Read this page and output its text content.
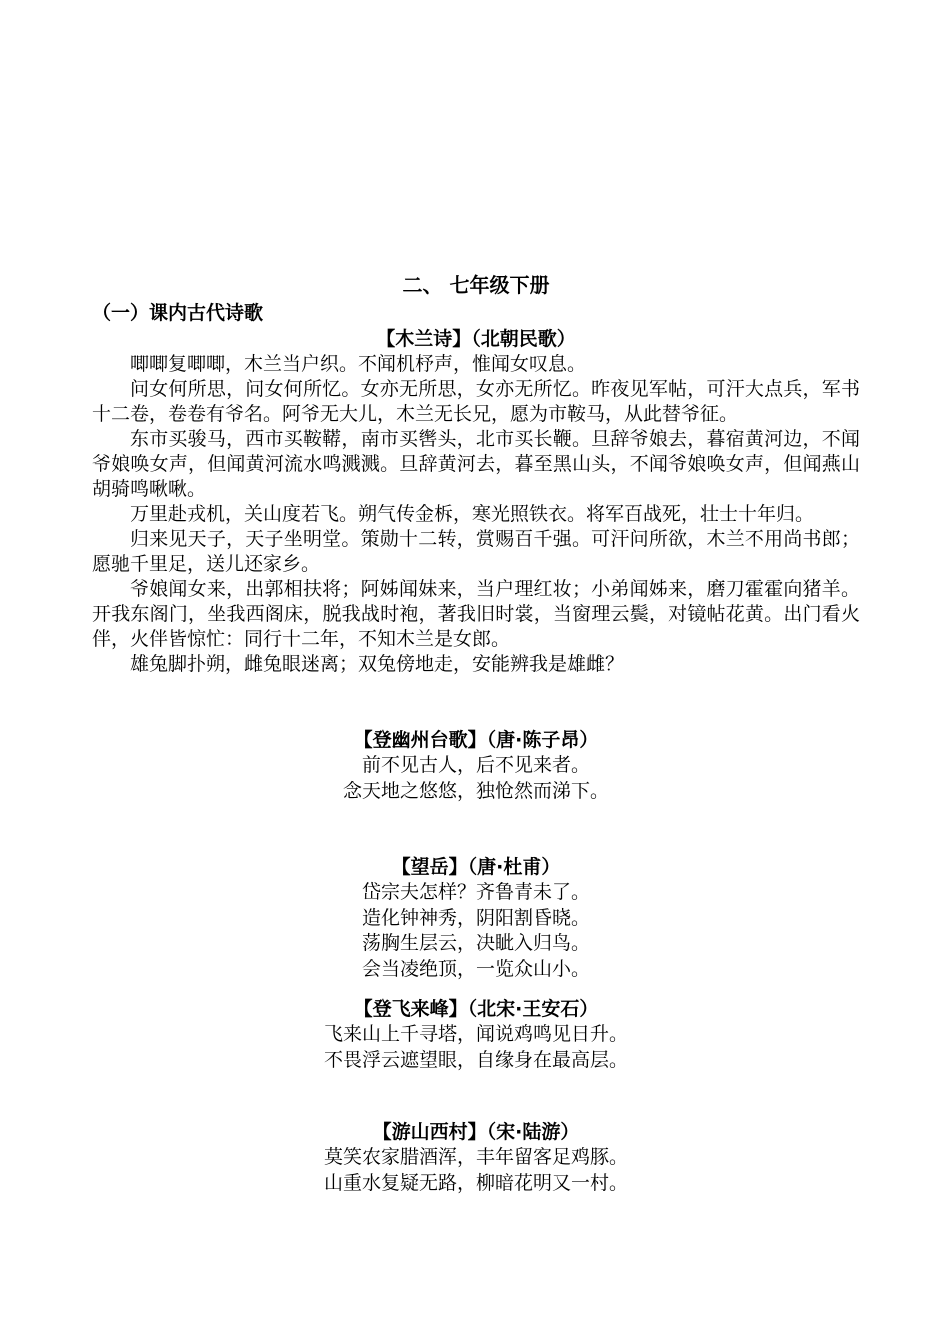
二、 七年级下册
（一）课内古代诗歌
【木兰诗】（北朝民歌）

唧唧复唧唧，木兰当户织。不闻机杼声，惟闻女叹息。

问女何所思，问女何所忆。女亦无所思，女亦无所忆。昨夜见军帖，可汗大点兵，军书十二卷，卷卷有爷名。阿爷无大儿，木兰无长兄，愿为市鞍马，从此替爷征。

东市买骏马，西市买鞍鞯，南市买辔头，北市买长鞭。旦辞爷娘去，暮宿黄河边，不闻爷娘唤女声，但闻黄河流水鸣溅溅。旦辞黄河去，暮至黑山头，不闻爷娘唤女声，但闻燕山胡骑鸣啾啾。

万里赴戎机，关山度若飞。朔气传金柝，寒光照铁衣。将军百战死，壮士十年归。

归来见天子，天子坐明堂。策勋十二转，赏赐百千强。可汗问所欲，木兰不用尚书郎；愿驰千里足，送儿还家乡。

爷娘闻女来，出郭相扶将；阿姊闻妹来，当户理红妆；小弟闻姊来，磨刀霍霍向猪羊。开我东阁门，坐我西阁床，脱我战时袍，著我旧时裳，当窗理云鬓，对镜帖花黄。出门看火伴，火伴皆惊忙：同行十二年，不知木兰是女郎。

雄兔脚扑朔，雌兔眼迷离；双兔傍地走，安能辨我是雄雌？

【登幽州台歌】（唐·陈子昂）

前不见古人，后不见来者。

念天地之悠悠，独怆然而涕下。

【望岳】（唐·杜甫）

岱宗夫怎样？齐鲁青未了。

造化钟神秀，阴阳割昏晓。

荡胸生层云，决眦入归鸟。

会当凌绝顶，一览众山小。

【登飞来峰】（北宋·王安石）

飞来山上千寻塔，闻说鸡鸣见日升。

不畏浮云遮望眼，自缘身在最高层。

【游山西村】（宋·陆游）

莫笑农家腊酒浑，丰年留客足鸡豚。

山重水复疑无路，柳暗花明又一村。
